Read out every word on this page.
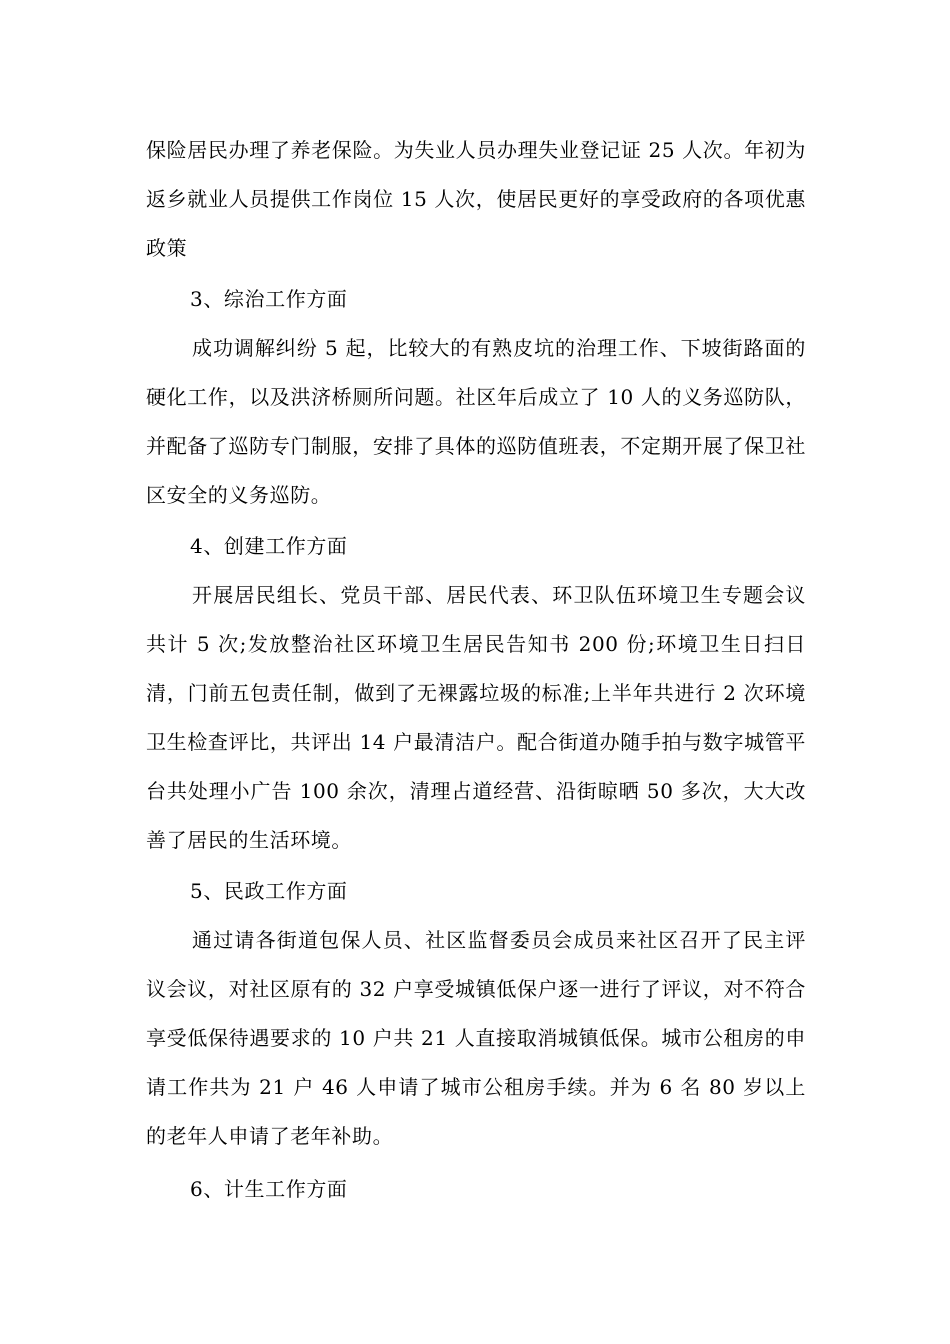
保险居民办理了养老保险。为失业人员办理失业登记证 25 人次。年初为返乡就业人员提供工作岗位 15 人次，使居民更好的享受政府的各项优惠政策

3、综治工作方面

成功调解纠纷 5 起，比较大的有熟皮坑的治理工作、下坡街路面的硬化工作，以及洪济桥厕所问题。社区年后成立了 10 人的义务巡防队，并配备了巡防专门制服，安排了具体的巡防值班表，不定期开展了保卫社区安全的义务巡防。

4、创建工作方面

开展居民组长、党员干部、居民代表、环卫队伍环境卫生专题会议共计 5 次;发放整治社区环境卫生居民告知书 200 份;环境卫生日扫日清，门前五包责任制，做到了无裸露垃圾的标准;上半年共进行 2 次环境卫生检查评比，共评出 14 户最清洁户。配合街道办随手拍与数字城管平台共处理小广告 100 余次，清理占道经营、沿街晾晒 50 多次，大大改善了居民的生活环境。

5、民政工作方面

通过请各街道包保人员、社区监督委员会成员来社区召开了民主评议会议，对社区原有的 32 户享受城镇低保户逐一进行了评议，对不符合享受低保待遇要求的 10 户共 21 人直接取消城镇低保。城市公租房的申请工作共为 21 户 46 人申请了城市公租房手续。并为 6 名 80 岁以上的老年人申请了老年补助。

6、计生工作方面
